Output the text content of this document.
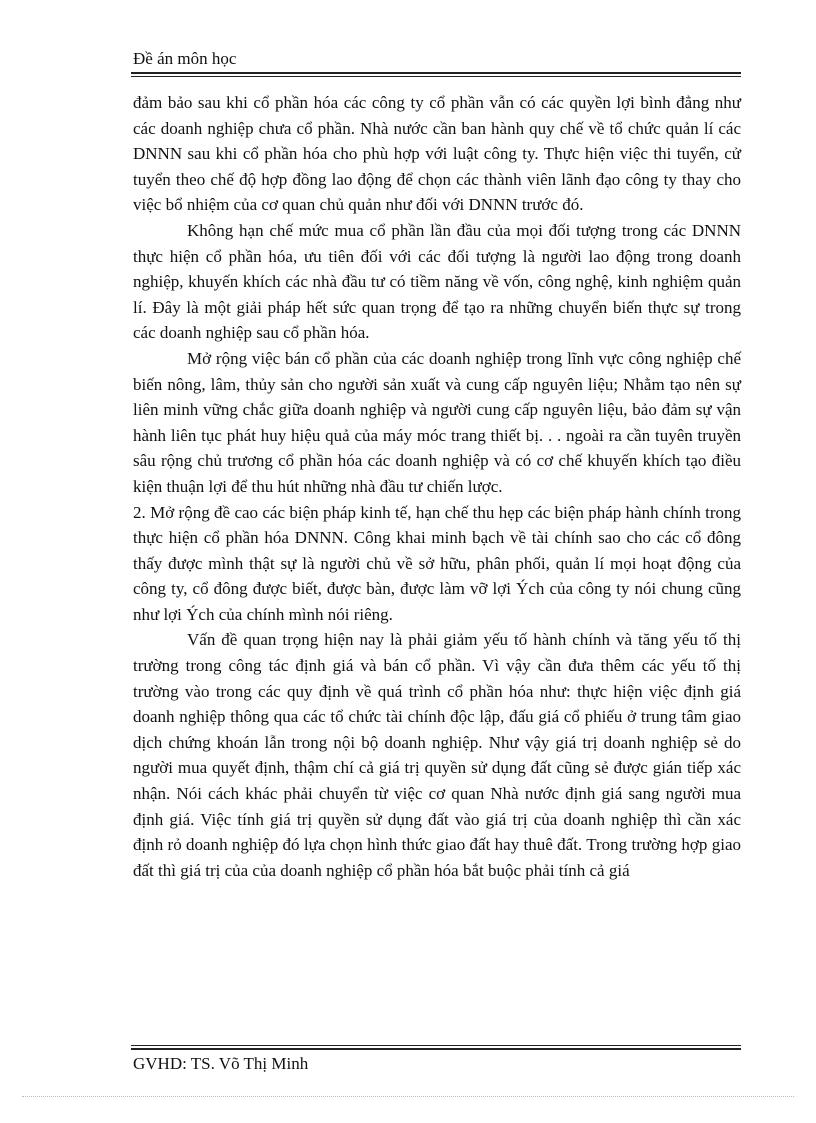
Đề án môn học

đảm bảo sau khi cổ phần hóa các công ty cổ phần vẫn có các quyền lợi bình đẳng như các doanh nghiệp chưa cổ phần. Nhà nước cần ban hành quy chế về tổ chức quản lí các DNNN sau khi cổ phần hóa cho phù hợp với luật công ty. Thực hiện việc thi tuyển, cử tuyển theo chế độ hợp đồng lao động để chọn các thành viên lãnh đạo công ty thay cho việc bổ nhiệm của cơ quan chủ quản như đối với DNNN trước đó.

Không hạn chế mức mua cổ phần lần đầu của mọi đối tượng trong các DNNN thực hiện cổ phần hóa, ưu tiên đối với các đối tượng là người lao động trong doanh nghiệp, khuyến khích các nhà đầu tư có tiềm năng về vốn, công nghệ, kinh nghiệm quản lí. Đây là một giải pháp hết sức quan trọng để tạo ra những chuyển biến thực sự trong các doanh nghiệp sau cổ phần hóa.

Mở rộng việc bán cổ phần của các doanh nghiệp trong lĩnh vực công nghiệp chế biến nông, lâm, thủy sản cho người sản xuất và cung cấp nguyên liệu; Nhằm tạo nên sự liên minh vững chắc giữa doanh nghiệp và người cung cấp nguyên liệu, bảo đảm sự vận hành liên tục phát huy hiệu quả của máy móc trang thiết bị. . . ngoài ra cần tuyên truyền sâu rộng chủ trương cổ phần hóa các doanh nghiệp và có cơ chế khuyến khích tạo điều kiện thuận lợi để thu hút những nhà đầu tư chiến lược.

2. Mở rộng đề cao các biện pháp kinh tế, hạn chế thu hẹp các biện pháp hành chính trong thực hiện cổ phần hóa DNNN. Công khai minh bạch về tài chính sao cho các cổ đông thấy được mình thật sự là người chủ về sở hữu, phân phối, quản lí mọi hoạt động của công ty, cổ đông được biết, được bàn, được làm vỡ lợi Ých của công ty nói chung cũng như lợi Ých của chính mình nói riêng.

Vấn đề quan trọng hiện nay là phải giảm yếu tố hành chính và tăng yếu tố thị trường trong công tác định giá và bán cổ phần. Vì vậy cần đưa thêm các yếu tố thị trường vào trong các quy định về quá trình cổ phần hóa như: thực hiện việc định giá doanh nghiệp thông qua các tổ chức tài chính độc lập, đấu giá cổ phiếu ở trung tâm giao dịch chứng khoán lẫn trong nội bộ doanh nghiệp. Như vậy giá trị doanh nghiệp sẻ do người mua quyết định, thậm chí cả giá trị quyền sử dụng đất cũng sẻ được gián tiếp xác nhận. Nói cách khác phải chuyển từ việc cơ quan Nhà nước định giá sang người mua định giá. Việc tính giá trị quyền sử dụng đất vào giá trị của doanh nghiệp thì cần xác định rỏ doanh nghiệp đó lựa chọn hình thức giao đất hay thuê đất. Trong trường hợp giao đất thì giá trị của của doanh nghiệp cổ phần hóa bắt buộc phải tính cả giá

GVHD: TS. Võ Thị Minh
